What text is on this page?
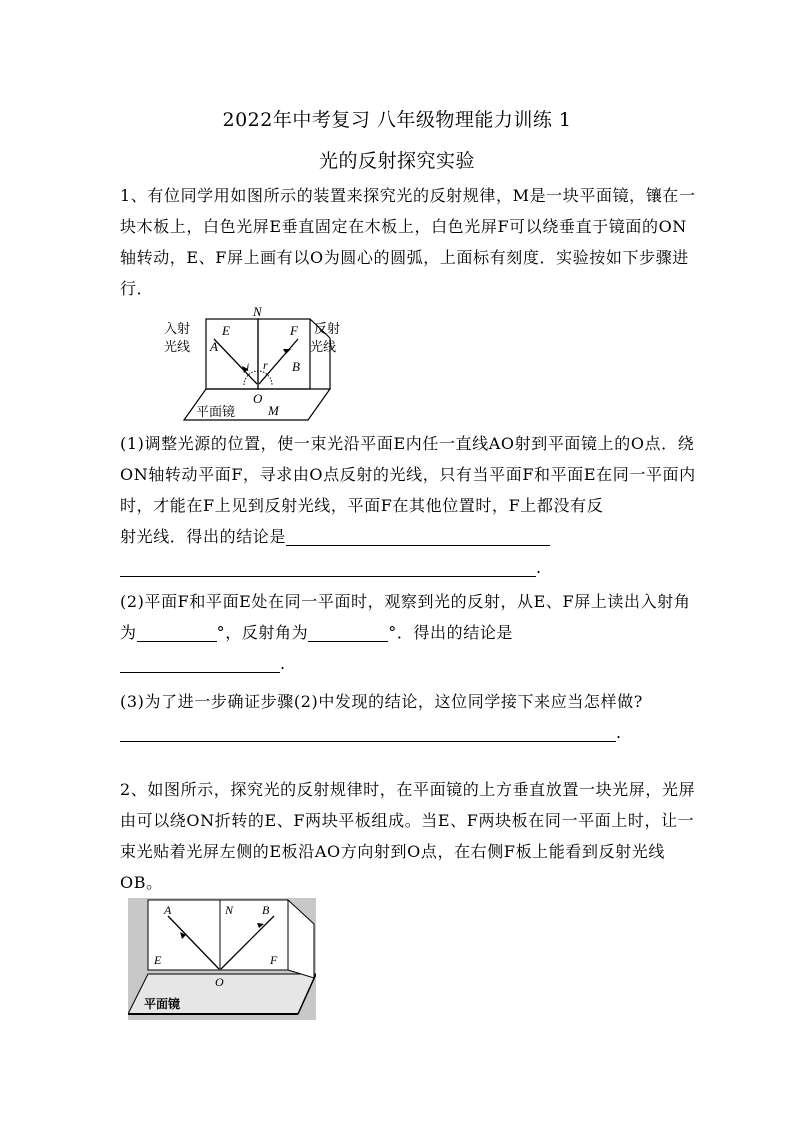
2022年中考复习 八年级物理能力训练 1
光的反射探究实验
1、有位同学用如图所示的装置来探究光的反射规律，M是一块平面镜，镶在一
块木板上，白色光屏E垂直固定在木板上，白色光屏F可以绕垂直于镜面的ON
轴转动，E、F屏上画有以O为圆心的圆弧，上面标有刻度．实验按如下步骤进
行．
入射
光线
反射
光线
N
E	F
A
B
i r
O
M
平面镜
(1)调整光源的位置，使一束光沿平面E内任一直线AO射到平面镜上的O点．绕
ON轴转动平面F，寻求由O点反射的光线，只有当平面F和平面E在同一平面内
时，才能在F上见到反射光线，平面F在其他位置时，F上都没有反
射光线．得出的结论是
.
(2)平面F和平面E处在同一平面时，观察到光的反射，从E、F屏上读出入射角
为	°，反射角为	°．得出的结论是
.
(3)为了进一步确证步骤(2)中发现的结论，这位同学接下来应当怎样做?
.
2、如图所示，探究光的反射规律时，在平面镜的上方垂直放置一块光屏，光屏
由可以绕ON折转的E、F两块平板组成。当E、F两块板在同一平面上时，让一
束光贴着光屏左侧的E板沿AO方向射到O点，在右侧F板上能看到反射光线
OB。
A	N B
E	F
O
平面镜
